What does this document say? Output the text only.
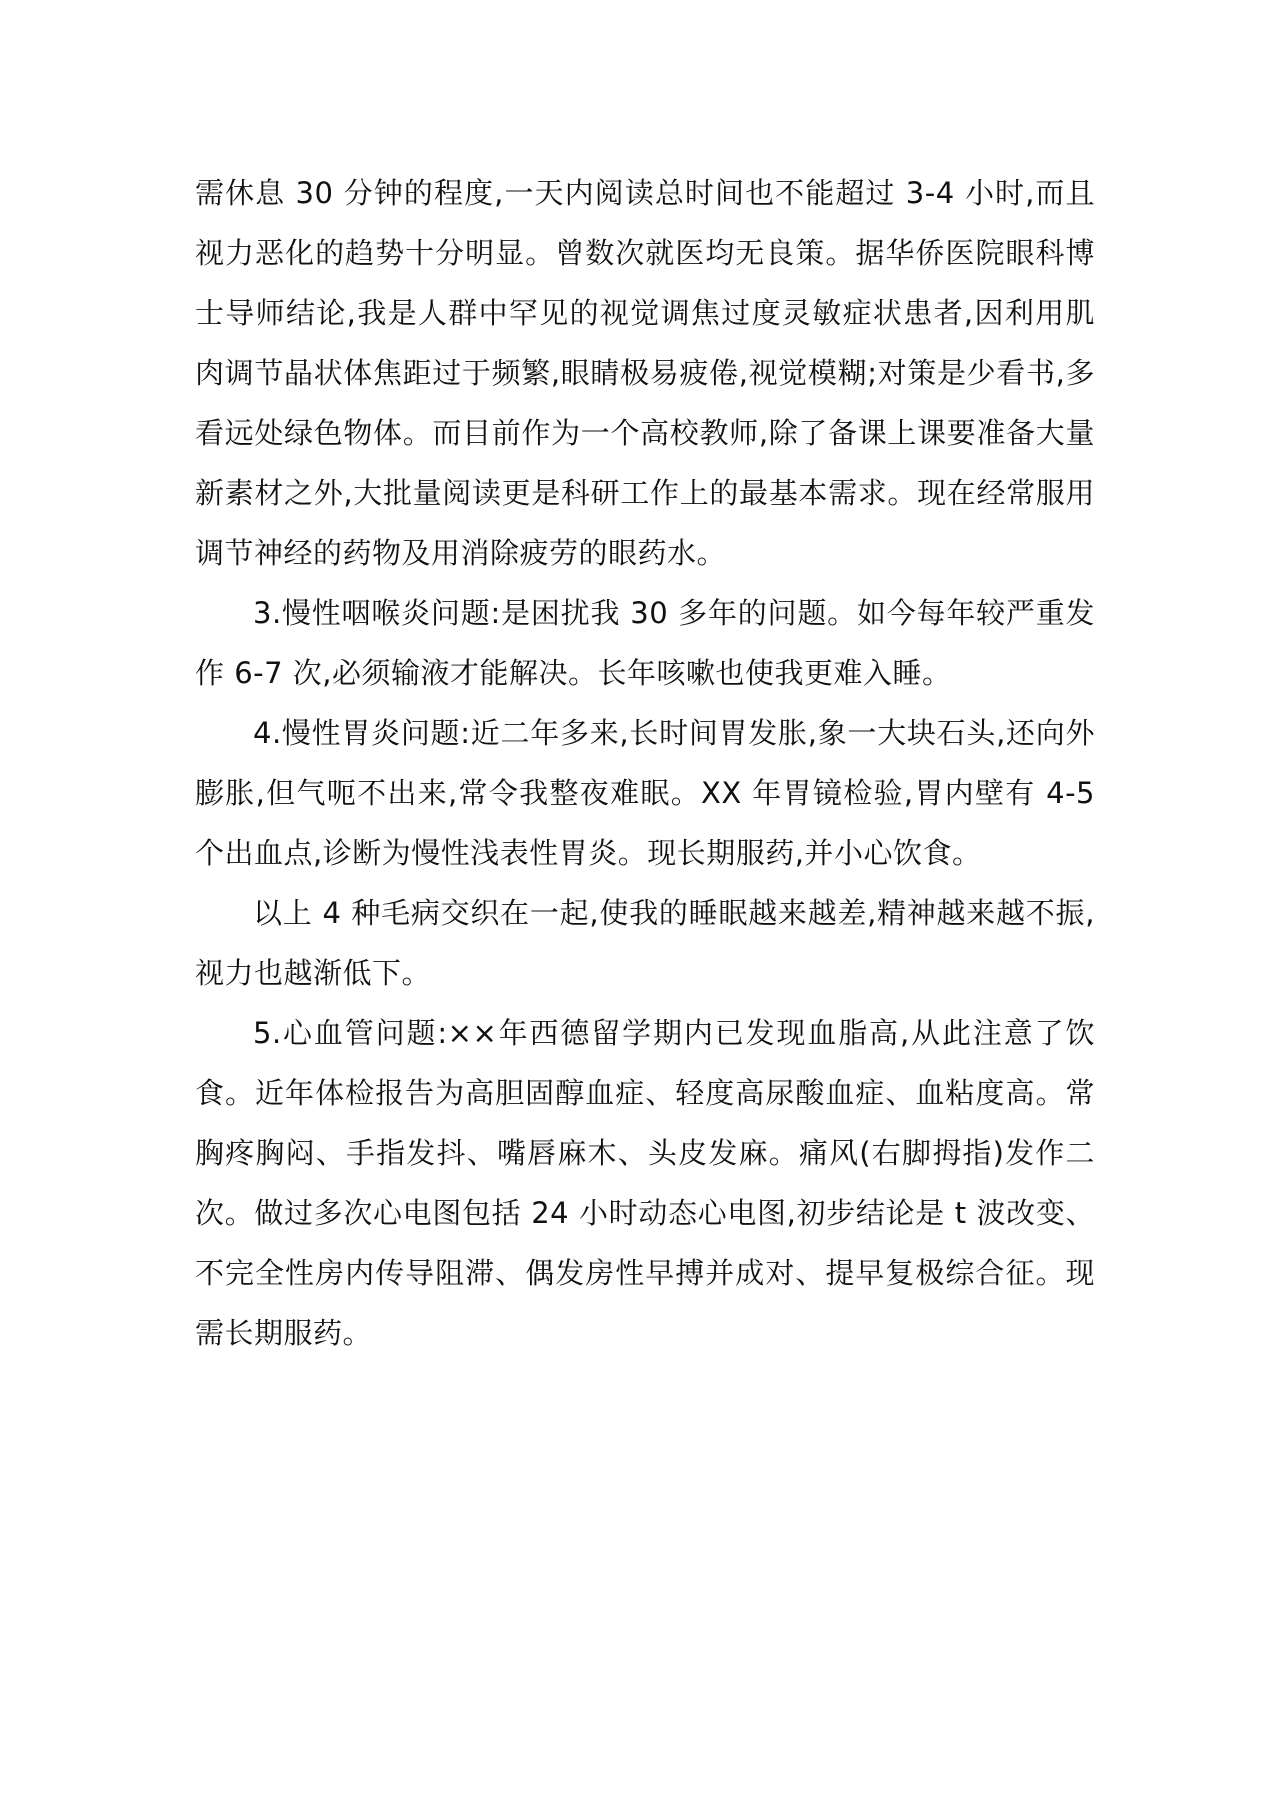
需休息 30 分钟的程度,一天内阅读总时间也不能超过 3-4 小时,而且视力恶化的趋势十分明显。曾数次就医均无良策。据华侨医院眼科博士导师结论,我是人群中罕见的视觉调焦过度灵敏症状患者,因利用肌肉调节晶状体焦距过于频繁,眼睛极易疲倦,视觉模糊;对策是少看书,多看远处绿色物体。而目前作为一个高校教师,除了备课上课要准备大量新素材之外,大批量阅读更是科研工作上的最基本需求。现在经常服用调节神经的药物及用消除疲劳的眼药水。

3.慢性咽喉炎问题:是困扰我 30 多年的问题。如今每年较严重发作 6-7 次,必须输液才能解决。长年咳嗽也使我更难入睡。

4.慢性胃炎问题:近二年多来,长时间胃发胀,象一大块石头,还向外膨胀,但气呃不出来,常令我整夜难眠。XX 年胃镜检验,胃内壁有 4-5 个出血点,诊断为慢性浅表性胃炎。现长期服药,并小心饮食。

以上 4 种毛病交织在一起,使我的睡眠越来越差,精神越来越不振,视力也越渐低下。

5.心血管问题:××年西德留学期内已发现血脂高,从此注意了饮食。近年体检报告为高胆固醇血症、轻度高尿酸血症、血粘度高。常胸疼胸闷、手指发抖、嘴唇麻木、头皮发麻。痛风(右脚拇指)发作二次。做过多次心电图包括 24 小时动态心电图,初步结论是 t 波改变、不完全性房内传导阻滞、偶发房性早搏并成对、提早复极综合征。现需长期服药。
